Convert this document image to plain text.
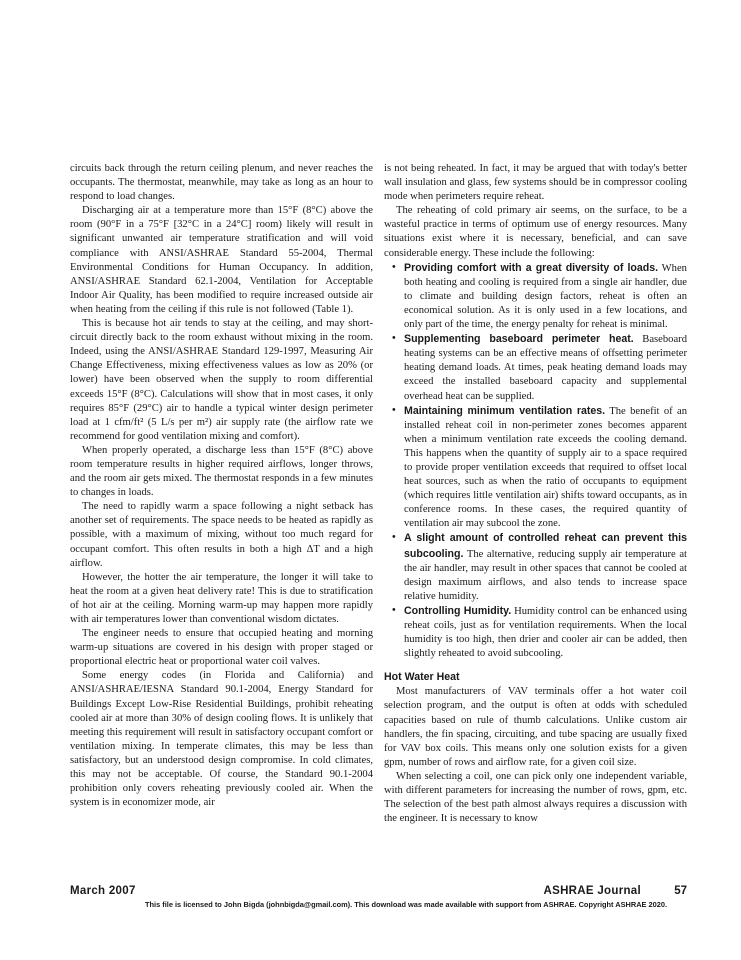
circuits back through the return ceiling plenum, and never reaches the occupants. The thermostat, meanwhile, may take as long as an hour to respond to load changes.

Discharging air at a temperature more than 15°F (8°C) above the room (90°F in a 75°F [32°C in a 24°C] room) likely will result in significant unwanted air temperature stratification and will void compliance with ANSI/ASHRAE Standard 55-2004, Thermal Environmental Conditions for Human Occupancy. In addition, ANSI/ASHRAE Standard 62.1-2004, Ventilation for Acceptable Indoor Air Quality, has been modified to require increased outside air when heating from the ceiling if this rule is not followed (Table 1).

This is because hot air tends to stay at the ceiling, and may short-circuit directly back to the room exhaust without mixing in the room. Indeed, using the ANSI/ASHRAE Standard 129-1997, Measuring Air Change Effectiveness, mixing effectiveness values as low as 20% (or lower) have been observed when the supply to room differential exceeds 15°F (8°C). Calculations will show that in most cases, it only requires 85°F (29°C) air to handle a typical winter design perimeter load at 1 cfm/ft² (5 L/s per m²) air supply rate (the airflow rate we recommend for good ventilation mixing and comfort).

When properly operated, a discharge less than 15°F (8°C) above room temperature results in higher required airflows, longer throws, and the room air gets mixed. The thermostat responds in a few minutes to changes in loads.

The need to rapidly warm a space following a night setback has another set of requirements. The space needs to be heated as rapidly as possible, with a maximum of mixing, without too much regard for occupant comfort. This often results in both a high ΔT and a high airflow.

However, the hotter the air temperature, the longer it will take to heat the room at a given heat delivery rate! This is due to stratification of hot air at the ceiling. Morning warm-up may happen more rapidly with air temperatures lower than conventional wisdom dictates.

The engineer needs to ensure that occupied heating and morning warm-up situations are covered in his design with proper staged or proportional electric heat or proportional water coil valves.

Some energy codes (in Florida and California) and ANSI/ASHRAE/IESNA Standard 90.1-2004, Energy Standard for Buildings Except Low-Rise Residential Buildings, prohibit reheating cooled air at more than 30% of design cooling flows. It is unlikely that meeting this requirement will result in satisfactory occupant comfort or ventilation mixing. In temperate climates, this may be less than satisfactory, but an understood design compromise. In cold climates, this may not be acceptable. Of course, the Standard 90.1-2004 prohibition only covers reheating previously cooled air. When the system is in economizer mode, air

is not being reheated. In fact, it may be argued that with today's better wall insulation and glass, few systems should be in compressor cooling mode when perimeters require reheat.

The reheating of cold primary air seems, on the surface, to be a wasteful practice in terms of optimum use of energy resources. Many situations exist where it is necessary, beneficial, and can save considerable energy. These include the following:

• Providing comfort with a great diversity of loads. When both heating and cooling is required from a single air handler, due to climate and building design factors, reheat is often an economical solution. As it is only used in a few locations, and only part of the time, the energy penalty for reheat is minimal.
• Supplementing baseboard perimeter heat. Baseboard heating systems can be an effective means of offsetting perimeter heating demand loads. At times, peak heating demand loads may exceed the installed baseboard capacity and supplemental overhead heat can be supplied.
• Maintaining minimum ventilation rates. The benefit of an installed reheat coil in non-perimeter zones becomes apparent when a minimum ventilation rate exceeds the cooling demand. This happens when the quantity of supply air to a space required to provide proper ventilation exceeds that required to offset local heat sources, such as when the ratio of occupants to equipment (which requires little ventilation air) shifts toward occupants, as in conference rooms. In these cases, the required quantity of ventilation air may subcool the zone.
• A slight amount of controlled reheat can prevent this subcooling. The alternative, reducing supply air temperature at the air handler, may result in other spaces that cannot be cooled at design maximum airflows, and also tends to increase space relative humidity.
• Controlling Humidity. Humidity control can be enhanced using reheat coils, just as for ventilation requirements. When the local humidity is too high, then drier and cooler air can be added, then slightly reheated to avoid subcooling.

Hot Water Heat

Most manufacturers of VAV terminals offer a hot water coil selection program, and the output is often at odds with scheduled capacities based on rule of thumb calculations. Unlike custom air handlers, the fin spacing, circuiting, and tube spacing are usually fixed for VAV box coils. This means only one solution exists for a given gpm, number of rows and airflow rate, for a given coil size.

When selecting a coil, one can pick only one independent variable, with different parameters for increasing the number of rows, gpm, etc. The selection of the best path almost always requires a discussion with the engineer. It is necessary to know

March 2007	ASHRAE Journal	57
This file is licensed to John Bigda (johnbigda@gmail.com). This download was made available with support from ASHRAE. Copyright ASHRAE 2020.
